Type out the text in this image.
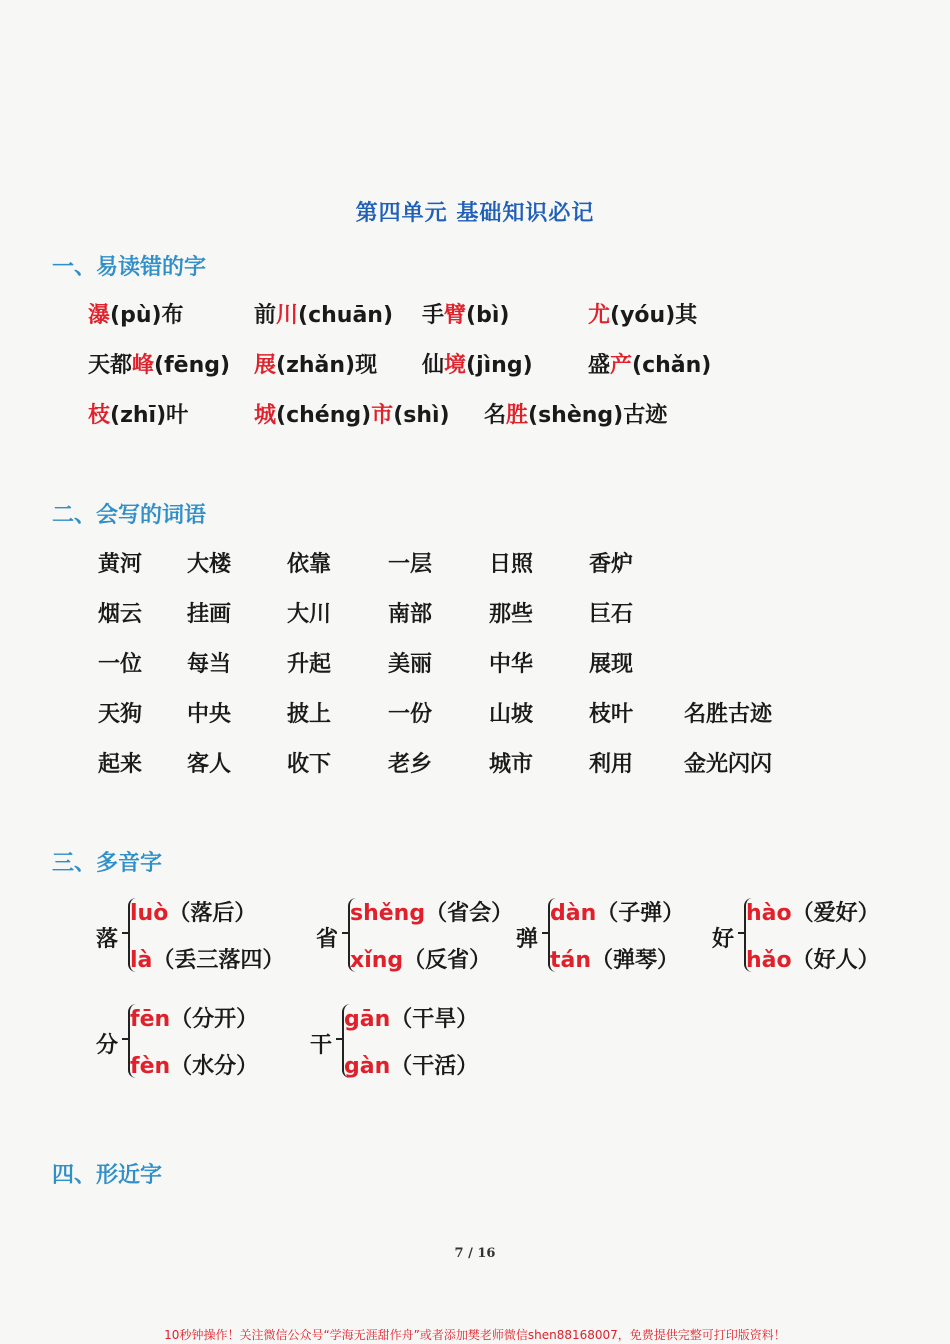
第四单元 基础知识必记
一、易读错的字
瀑(pù)布	前川(chuān) 手臂(bì)	尤(yóu)其
天都峰(fēng) 展(zhǎn)现 仙境(jìng)	盛产(chǎn)
枝(zhī)叶	城(chéng)市(shì) 名胜(shèng)古迹
二、会写的词语
黄河 大楼	依靠	一层	日照	香炉
烟云 挂画	大川	南部	那些	巨石
一位 每当	升起	美丽	中华	展现
天狗 中央	披上	一份	山坡	枝叶 名胜古迹
起来 客人	收下	老乡	城市	利用 金光闪闪
三、多音字
落
luò（落后）
là（丢三落四）
省
shěng（省会）
xǐng（反省）
弹
dàn（子弹）
tán（弹琴）
好
hào（爱好）
hǎo（好人）
分
fēn（分开）
fèn（水分）
干
gān（干旱）
gàn（干活）
四、形近字
7 / 16
10秒钟操作！关注微信公众号“学海无涯甜作舟”或者添加樊老师微信shen88168007，免费提供完整可打印版资料！
